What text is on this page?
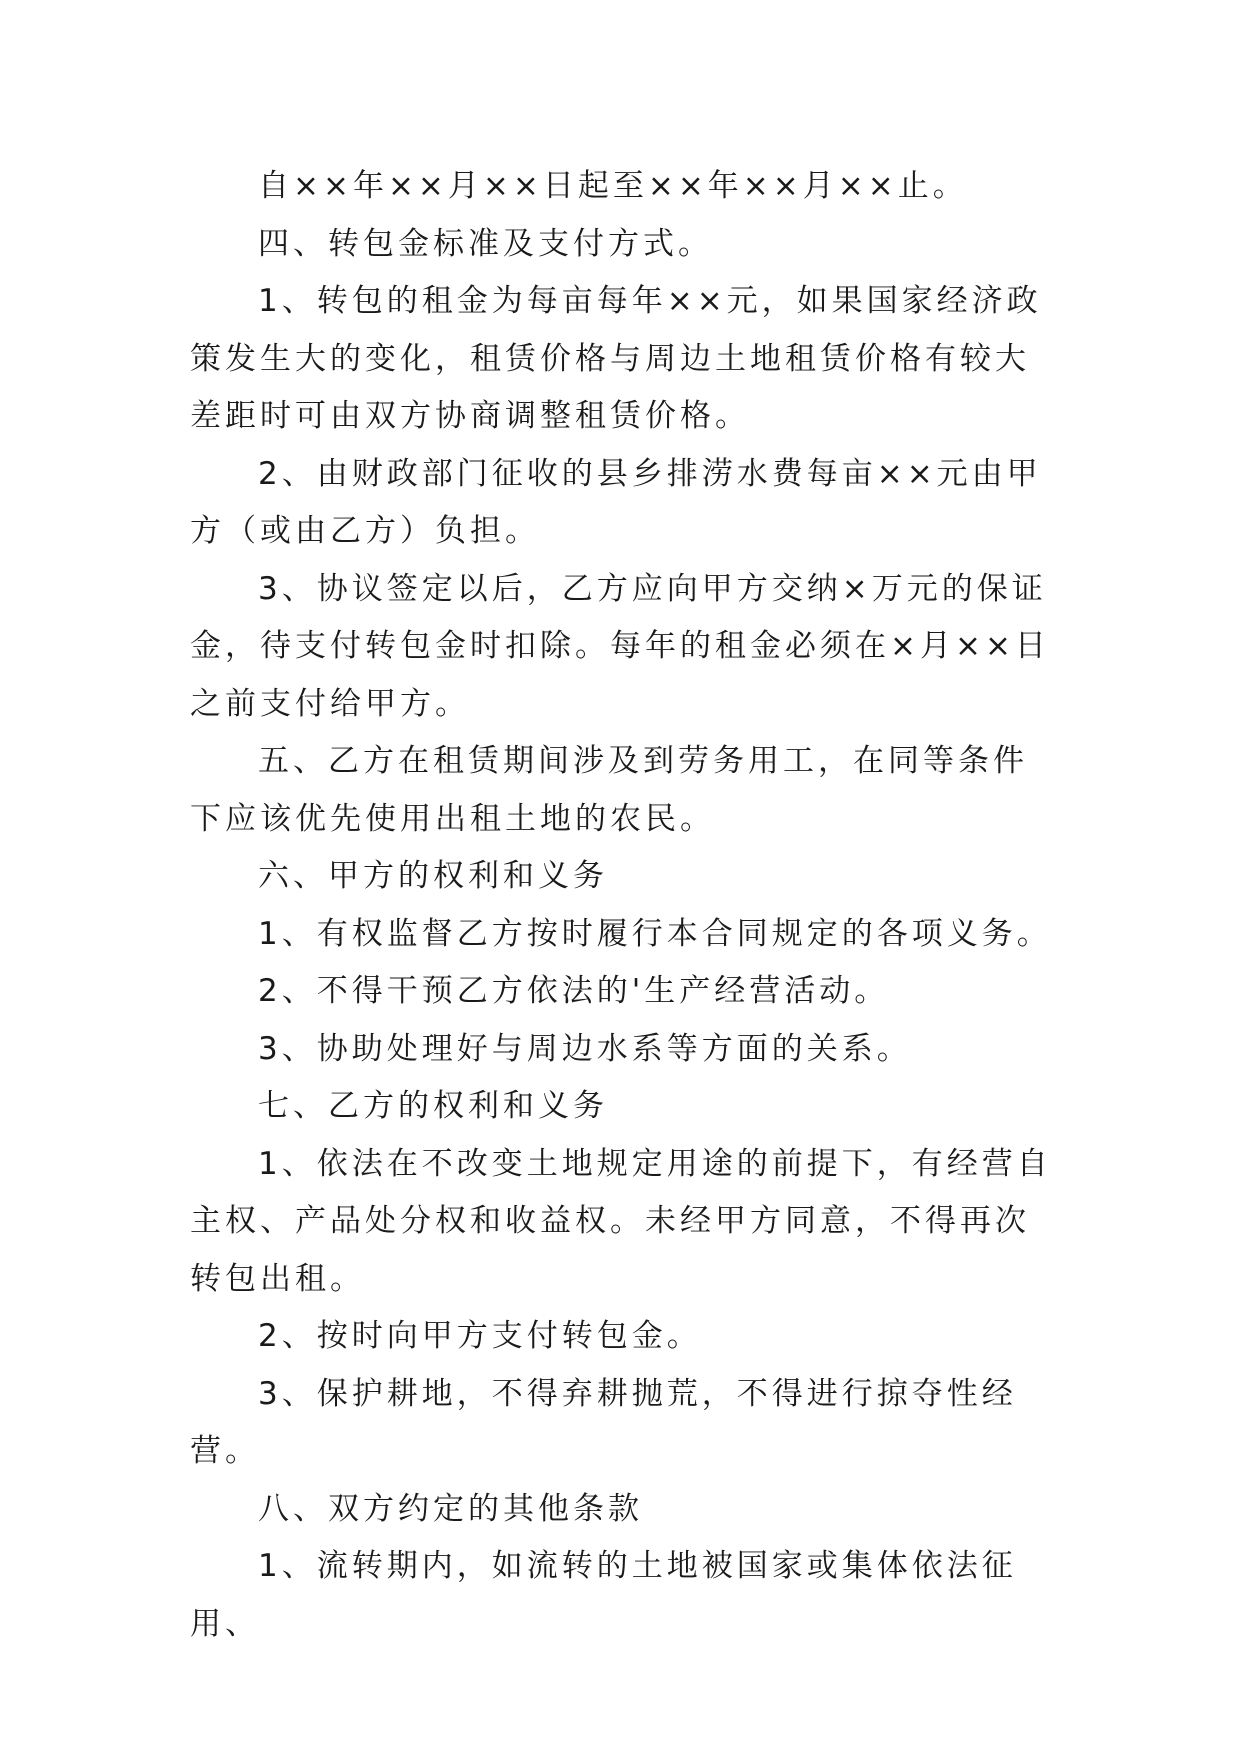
自××年××月××日起至××年××月××止。

四、转包金标准及支付方式。

1、转包的租金为每亩每年××元，如果国家经济政策发生大的变化，租赁价格与周边土地租赁价格有较大差距时可由双方协商调整租赁价格。

2、由财政部门征收的县乡排涝水费每亩××元由甲方（或由乙方）负担。

3、协议签定以后，乙方应向甲方交纳×万元的保证金，待支付转包金时扣除。每年的租金必须在×月××日之前支付给甲方。

五、乙方在租赁期间涉及到劳务用工，在同等条件下应该优先使用出租土地的农民。

六、甲方的权利和义务

1、有权监督乙方按时履行本合同规定的各项义务。

2、不得干预乙方依法的'生产经营活动。

3、协助处理好与周边水系等方面的关系。

七、乙方的权利和义务

1、依法在不改变土地规定用途的前提下，有经营自主权、产品处分权和收益权。未经甲方同意，不得再次转包出租。

2、按时向甲方支付转包金。

3、保护耕地，不得弃耕抛荒，不得进行掠夺性经营。

八、双方约定的其他条款

1、流转期内，如流转的土地被国家或集体依法征用、
